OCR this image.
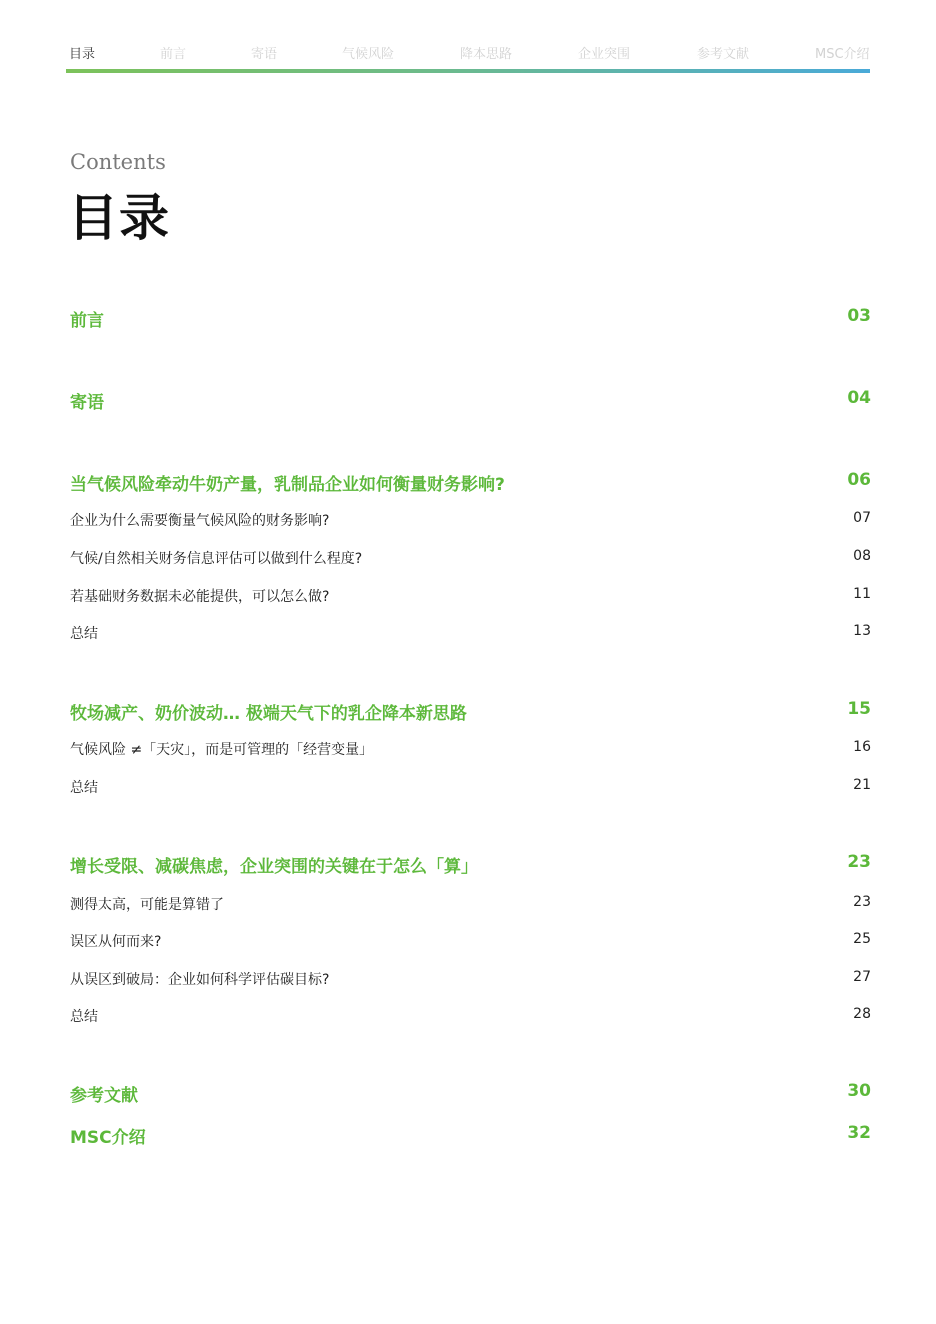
目录	前言	寄语	气候风险	降本思路	企业突围	参考文献	MSC介绍
Contents
目录
前言	03
寄语	04
当气候风险牵动牛奶产量，乳制品企业如何衡量财务影响?	06
企业为什么需要衡量气候风险的财务影响?	07
气候/自然相关财务信息评估可以做到什么程度?	08
若基础财务数据未必能提供，可以怎么做?	11
总结	13
牧场减产、奶价波动… 极端天气下的乳企降本新思路	15
气候风险 ≠「天灾」，而是可管理的「经营变量」	16
总结	21
增长受限、减碳焦虑，企业突围的关键在于怎么「算」	23
测得太高，可能是算错了	23
误区从何而来?	25
从误区到破局：企业如何科学评估碳目标?	27
总结	28
参考文献	30
MSC介绍	32
